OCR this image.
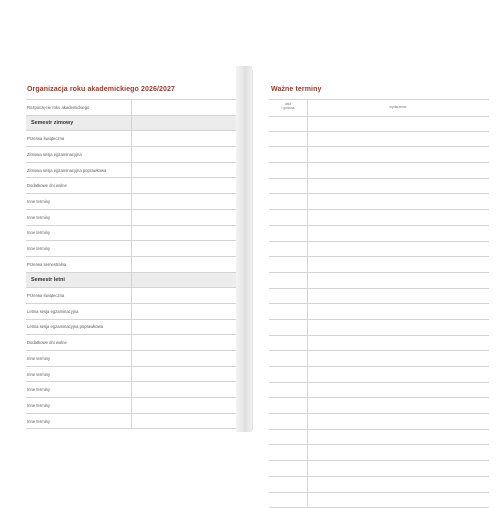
Organizacja roku akademickiego 2026/2027
Rozpoczęcie roku akademickiego
Semestr zimowy
Przerwa świąteczna
Zimowa sesja egzaminacyjna
Zimowa sesja egzaminacyjna poprawkowa
Dodatkowe dni wolne
Inne terminy
Inne terminy
Inne terminy
Inne terminy
Przerwa semestralna
Semestr letni
Przerwa świąteczna
Letnia sesja egzaminacyjna
Letnia sesja egzaminacyjna poprawkowa
Dodatkowe dni wolne
Inne terminy
Inne terminy
Inne terminy
Inne terminy
Inne terminy
Ważne terminy
data
i godzina	wydarzenie
